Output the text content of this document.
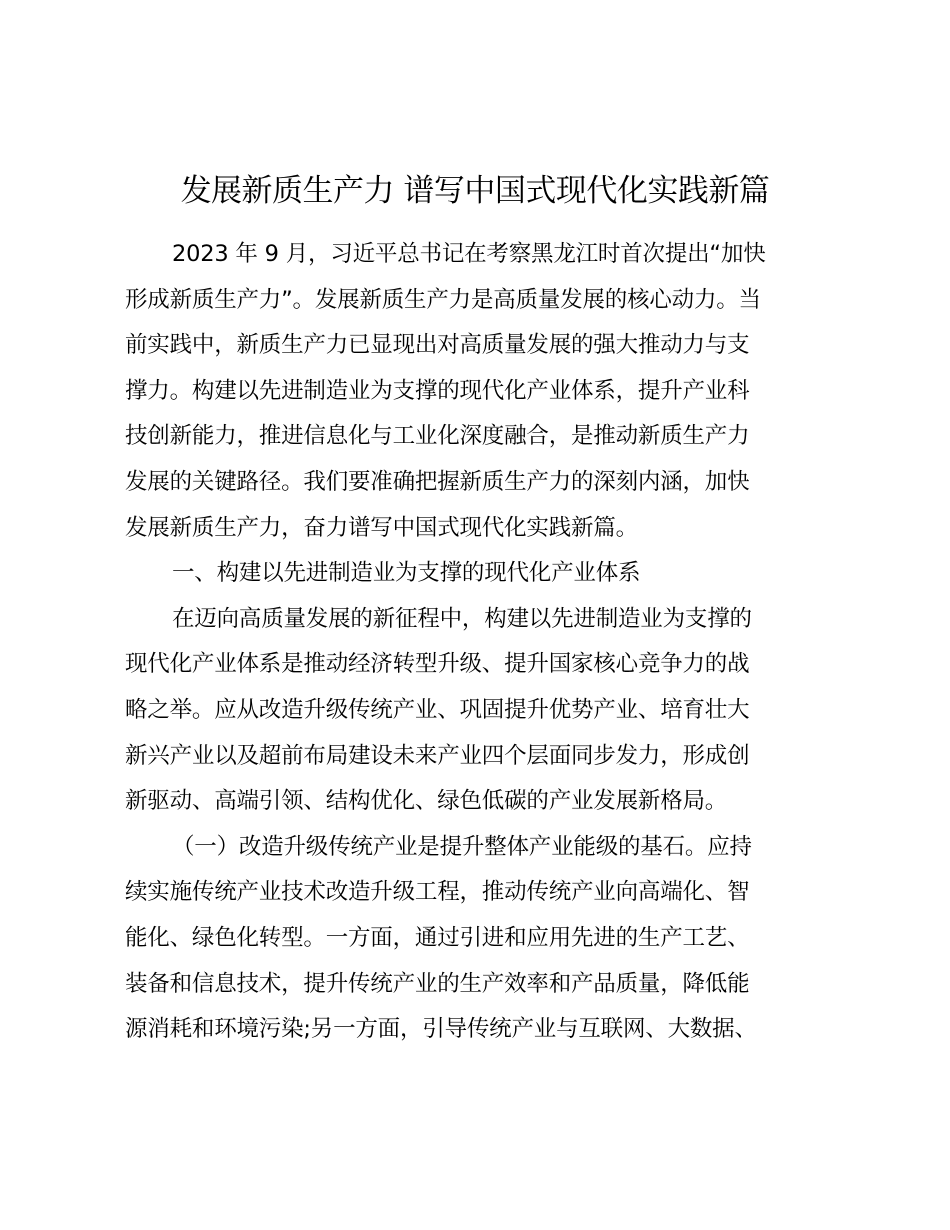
发展新质生产力 谱写中国式现代化实践新篇
2023 年 9 月，习近平总书记在考察黑龙江时首次提出“加快
形成新质生产力”。发展新质生产力是高质量发展的核心动力。当
前实践中，新质生产力已显现出对高质量发展的强大推动力与支
撑力。构建以先进制造业为支撑的现代化产业体系，提升产业科
技创新能力，推进信息化与工业化深度融合，是推动新质生产力
发展的关键路径。我们要准确把握新质生产力的深刻内涵，加快
发展新质生产力，奋力谱写中国式现代化实践新篇。
一、构建以先进制造业为支撑的现代化产业体系
在迈向高质量发展的新征程中，构建以先进制造业为支撑的
现代化产业体系是推动经济转型升级、提升国家核心竞争力的战
略之举。应从改造升级传统产业、巩固提升优势产业、培育壮大
新兴产业以及超前布局建设未来产业四个层面同步发力，形成创
新驱动、高端引领、结构优化、绿色低碳的产业发展新格局。
（一）改造升级传统产业是提升整体产业能级的基石。应持
续实施传统产业技术改造升级工程，推动传统产业向高端化、智
能化、绿色化转型。一方面，通过引进和应用先进的生产工艺、
装备和信息技术，提升传统产业的生产效率和产品质量，降低能
源消耗和环境污染;另一方面，引导传统产业与互联网、大数据、
